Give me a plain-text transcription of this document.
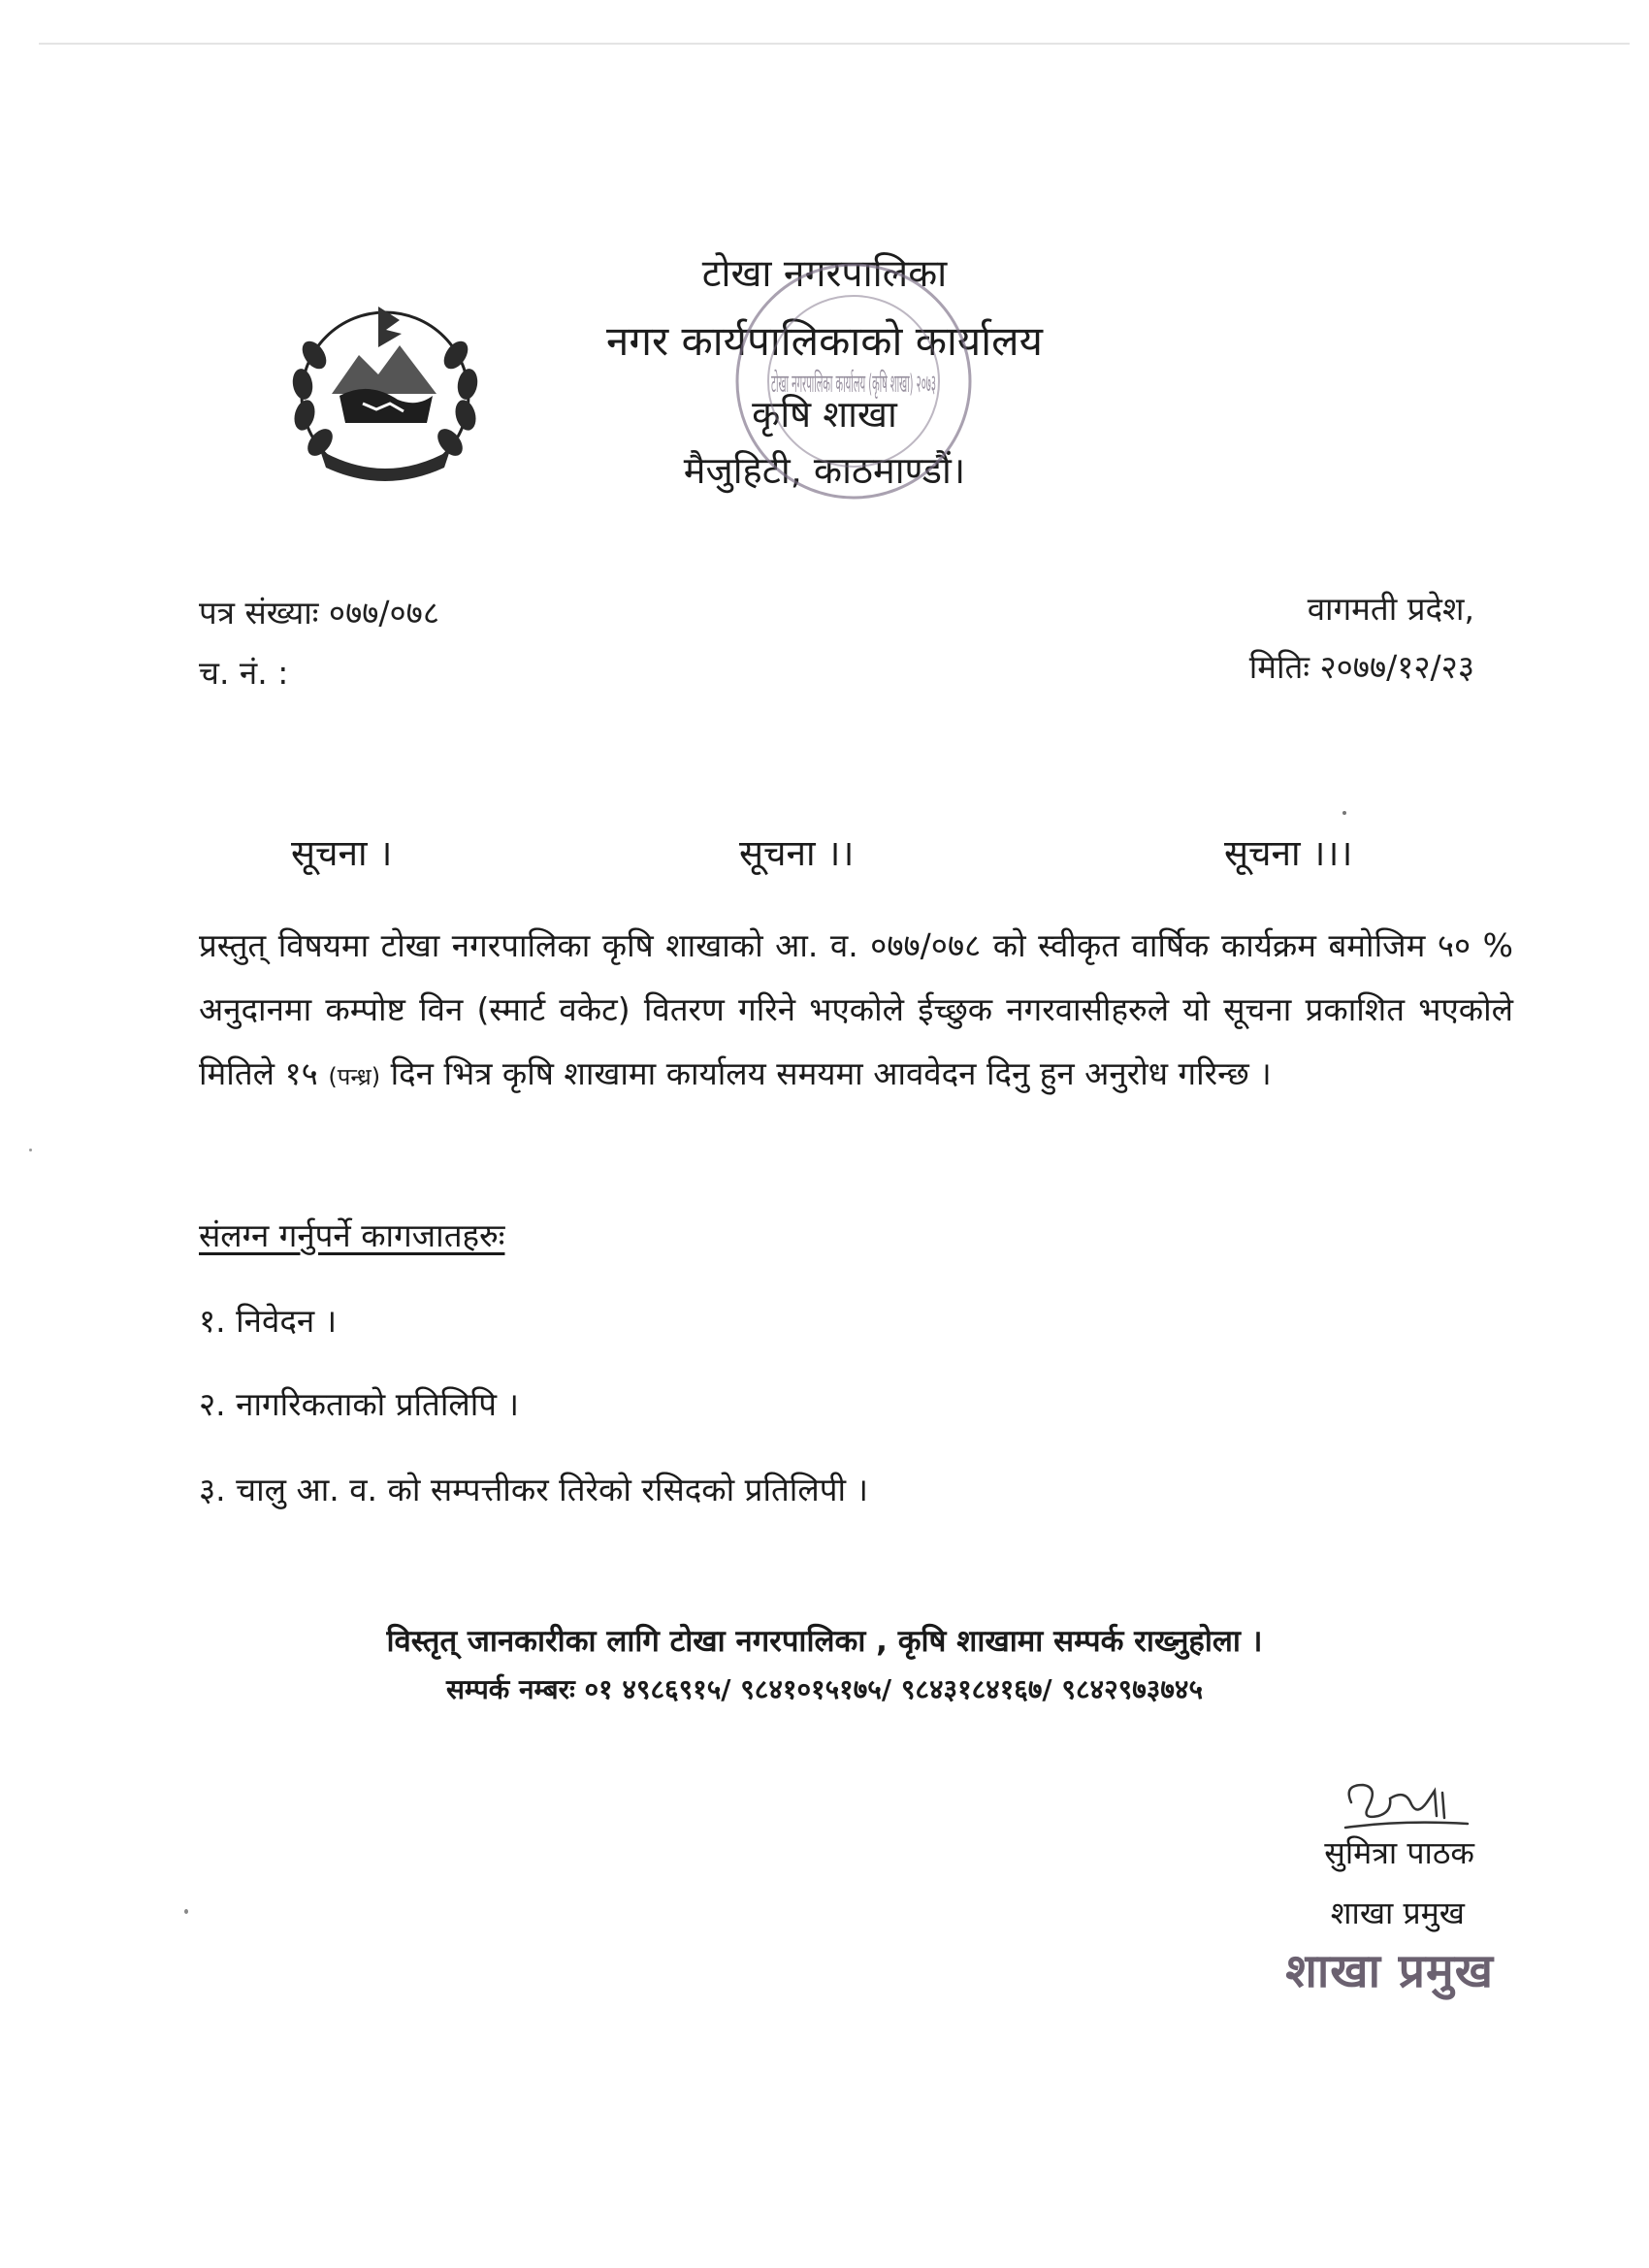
टोखा नगरपालिका
नगर कार्यपालिकाको कार्यालय
कृषि शाखा
मैजुहिटी, काठमाण्डौं।
टोखा नगरपालिका कार्यालय (कृषि शाखा) २०७३
पत्र संख्याः ०७७/०७८
च. नं. :
वागमती प्रदेश,
मितिः २०७७/१२/२३
सूचना ।	सूचना ।।	सूचना ।।।
प्रस्तुत् विषयमा टोखा नगरपालिका कृषि शाखाको आ. व. ०७७/०७८ को स्वीकृत वार्षिक कार्यक्रम बमोजिम ५० % अनुदानमा कम्पोष्ट विन (स्मार्ट वकेट) वितरण गरिने भएकोले ईच्छुक नगरवासीहरुले यो सूचना प्रकाशित भएकोले मितिले १५ (पन्ध्र) दिन भित्र कृषि शाखामा कार्यालय समयमा आववेदन दिनु हुन अनुरोध गरिन्छ ।
संलग्न गर्नुपर्ने कागजातहरुः
१. निवेदन ।
२. नागरिकताको प्रतिलिपि ।
३. चालु आ. व. को सम्पत्तीकर तिरेको रसिदको प्रतिलिपी ।
विस्तृत् जानकारीका लागि टोखा नगरपालिका , कृषि शाखामा सम्पर्क राख्नुहोला ।
सम्पर्क नम्बरः ०१ ४९८६९१५/ ९८४१०१५१७५/ ९८४३१८४१६७/ ९८४२९७३७४५
सुमित्रा पाठक
शाखा प्रमुख
शाखा प्रमुख
